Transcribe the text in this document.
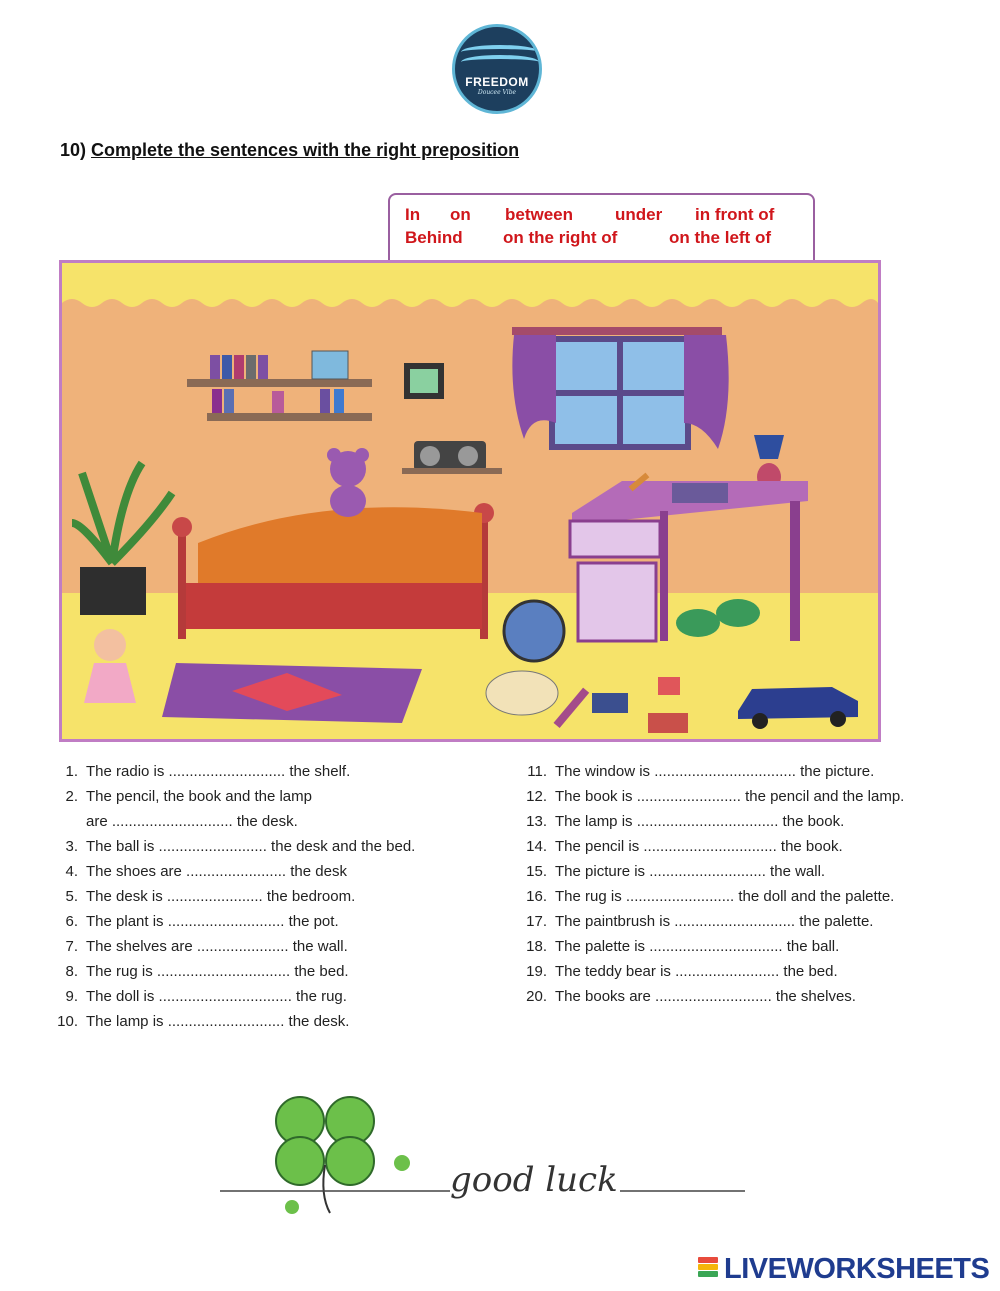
FREEDOM
Doucee Vibe
10) Complete the sentences with the right preposition
In on between under in front of
Behind on the right of	on the left of
1. The radio is ............................ the shelf.
2. The pencil, the book and the lamp
are ............................. the desk.
3. The ball is .......................... the desk and the bed.
4. The shoes are ........................ the desk
5. The desk is ....................... the bedroom.
6. The plant is ............................ the pot.
7. The shelves are ...................... the wall.
8. The rug is ................................ the bed.
9. The doll is ................................ the rug.
10. The lamp is ............................ the desk.
11. The window is .................................. the picture.
12. The book is ......................... the pencil and the lamp.
13. The lamp is .................................. the book.
14. The pencil is ................................ the book.
15. The picture is ............................ the wall.
16. The rug is .......................... the doll and the palette.
17. The paintbrush is ............................. the palette.
18. The palette is ................................ the ball.
19. The teddy bear is ......................... the bed.
20. The books are ............................ the shelves.
good luck
LIVEWORKSHEETS
